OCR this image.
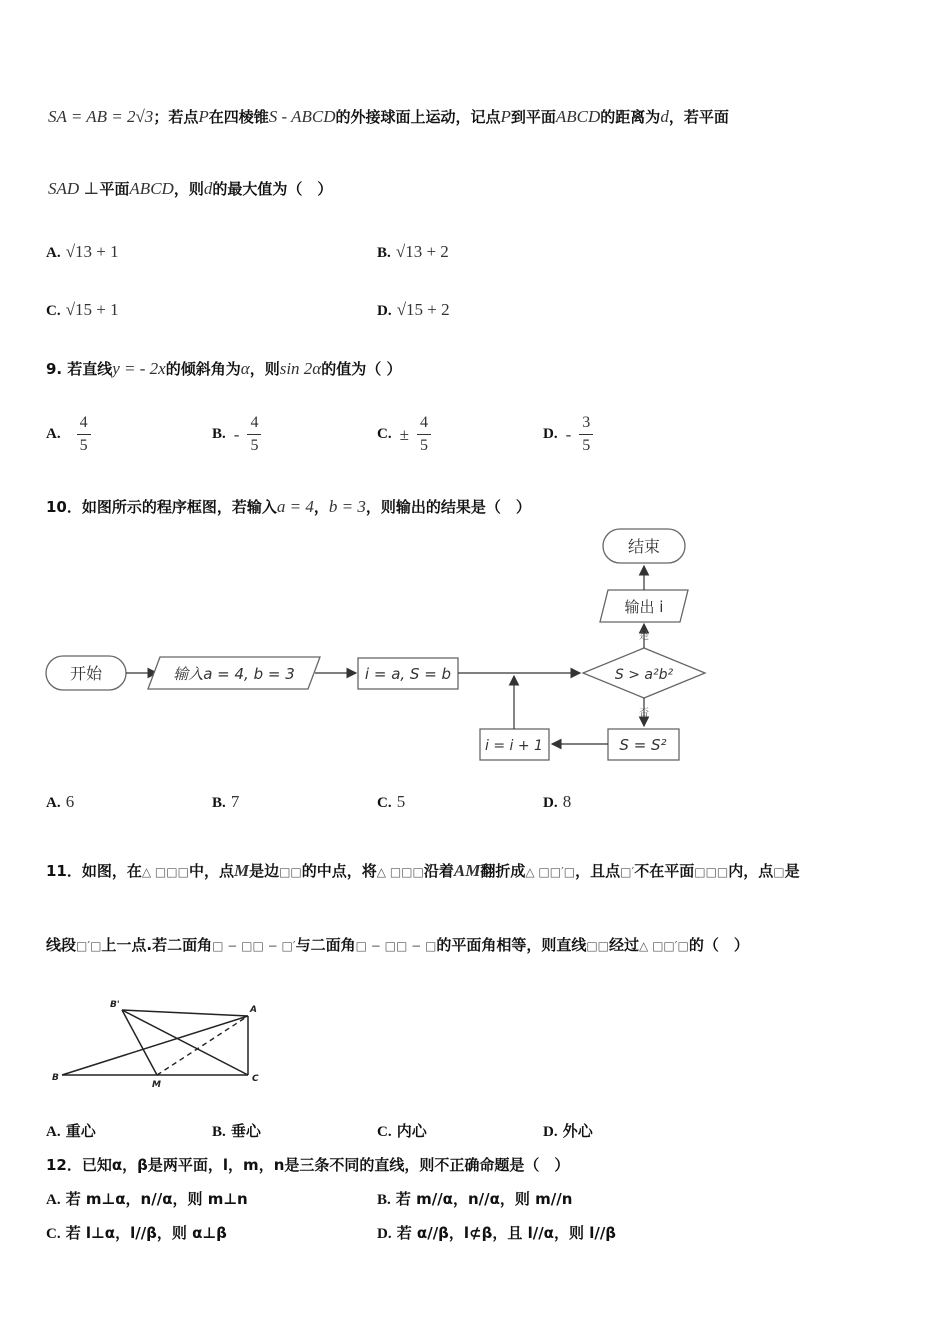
SA = AB = 2√3；若点P在四棱锥S - ABCD的外接球面上运动，记点P到平面ABCD的距离为d，若平面
SAD ⊥平面ABCD，则d的最大值为（　）
A. √13 + 1	B. √13 + 2
C. √15 + 1	D. √15 + 2
9. 若直线y = - 2x的倾斜角为α，则sin 2α的值为（ ）
A. $\frac{4}{5}$	B. - $\frac{4}{5}$	C. ± $\frac{4}{5}$	D. - $\frac{3}{5}$
10．如图所示的程序框图，若输入a = 4，b = 3，则输出的结果是（　）
开始	输入a = 4, b = 3	i = a, S = b	S > a²b²
是
输出 i
结束
否
S = S²
i = i + 1
A. 6	B. 7	C. 5	D. 8
11．如图，在△ □□□中，点M是边□□的中点，将△ □□□沿着AM翻折成△ □□′□，且点□′不在平面□□□内，点□是
线段□′□上一点.若二面角□ − □□ − □′与二面角□ − □□ − □的平面角相等，则直线□□经过△ □□′□的（　）
B'	A
B
M
C
A. 重心	B. 垂心	C. 内心	D. 外心
12．已知α，β是两平面，l，m，n是三条不同的直线，则不正确命题是（　）
A. 若 m⊥α，n//α，则 m⊥n	B. 若 m//α，n//α，则 m//n
C. 若 l⊥α，l//β，则 α⊥β	D. 若 α//β，l⊄β，且 l//α，则 l//β
